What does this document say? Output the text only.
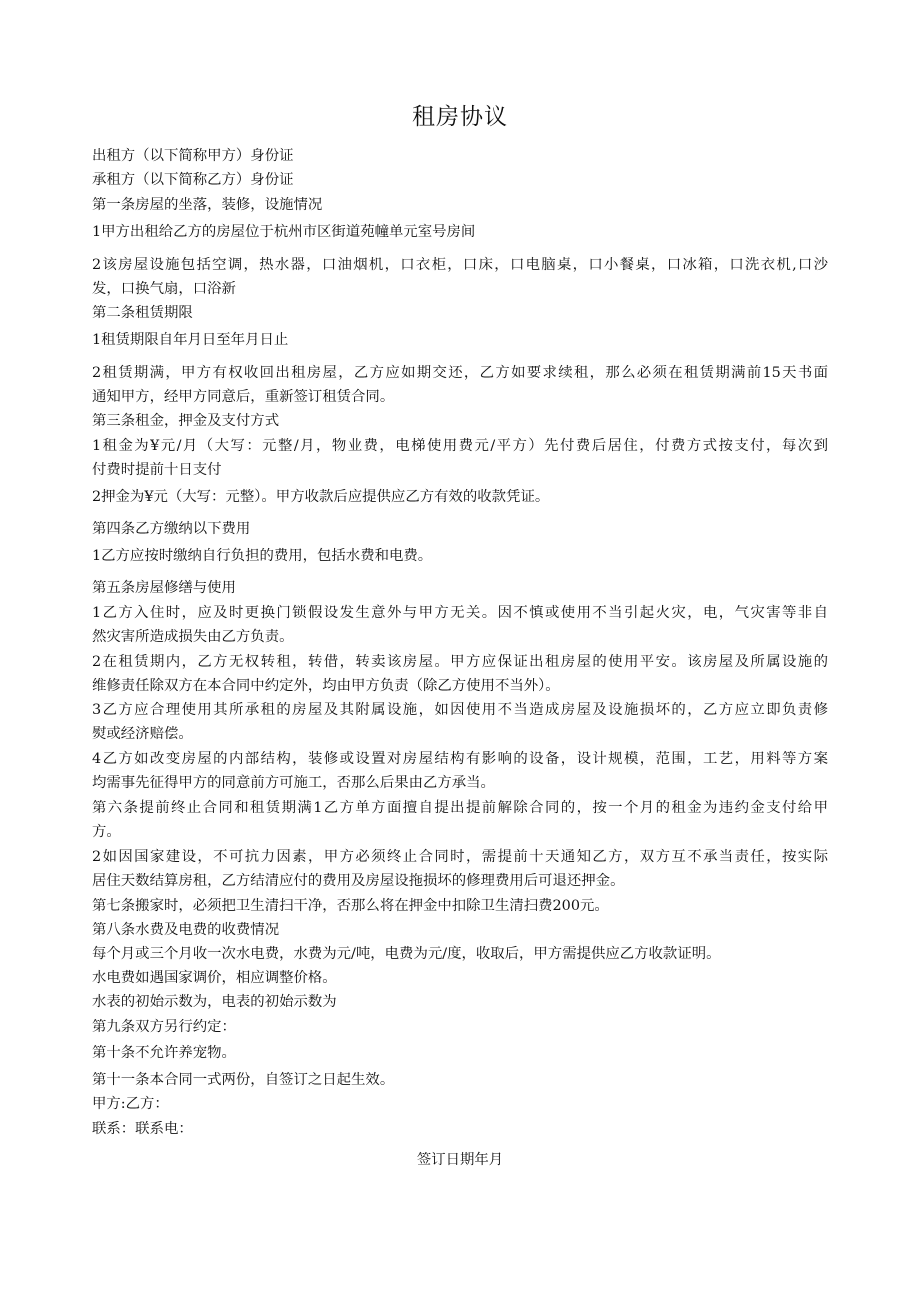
租房协议
出租方（以下简称甲方）身份证
承租方（以下简称乙方）身份证
第一条房屋的坐落，装修，设施情况
1甲方出租给乙方的房屋位于杭州市区街道苑幢单元室号房间
2该房屋设施包括空调，热水器，口油烟机，口衣柜，口床，口电脑桌，口小餐桌，口冰箱，口洗衣机,口沙
发，口换气扇，口浴新
第二条租赁期限
1租赁期限自年月日至年月日止
2租赁期满，甲方有权收回出租房屋，乙方应如期交还，乙方如要求续租，那么必须在租赁期满前15天书面
通知甲方，经甲方同意后，重新签订租赁合同。
第三条租金，押金及支付方式
1租金为¥元/月（大写：元整/月，物业费，电梯使用费元/平方）先付费后居住，付费方式按支付，每次到
付费时提前十日支付
2押金为¥元（大写：元整）。甲方收款后应提供应乙方有效的收款凭证。
第四条乙方缴纳以下费用
1乙方应按时缴纳自行负担的费用，包括水费和电费。
第五条房屋修缮与使用
1乙方入住时，应及时更换门锁假设发生意外与甲方无关。因不慎或使用不当引起火灾，电，气灾害等非自
然灾害所造成损失由乙方负责。
2在租赁期内，乙方无权转租，转借，转卖该房屋。甲方应保证出租房屋的使用平安。该房屋及所属设施的
维修责任除双方在本合同中约定外，均由甲方负责（除乙方使用不当外）。
3乙方应合理使用其所承租的房屋及其附属设施，如因使用不当造成房屋及设施损坏的，乙方应立即负责修
熨或经济赔偿。
4乙方如改变房屋的内部结构，装修或设置对房屋结构有影响的设备，设计规模，范围，工艺，用料等方案
均需事先征得甲方的同意前方可施工，否那么后果由乙方承当。
第六条提前终止合同和租赁期满1乙方单方面擅自提出提前解除合同的，按一个月的租金为违约金支付给甲
方。
2如因国家建设，不可抗力因素，甲方必须终止合同时，需提前十天通知乙方，双方互不承当责任，按实际
居住天数结算房租，乙方结清应付的费用及房屋设拖损坏的修理费用后可退还押金。
第七条搬家时，必须把卫生清扫干净，否那么将在押金中扣除卫生清扫费200元。
第八条水费及电费的收费情况
每个月或三个月收一次水电费，水费为元/吨，电费为元/度，收取后，甲方需提供应乙方收款证明。
水电费如遇国家调价，相应调整价格。
水表的初始示数为，电表的初始示数为
第九条双方另行约定：
第十条不允许养宠物。
第十一条本合同一式两份，自签订之日起生效。
甲方:乙方：
联系：联系电：
签订日期年月
